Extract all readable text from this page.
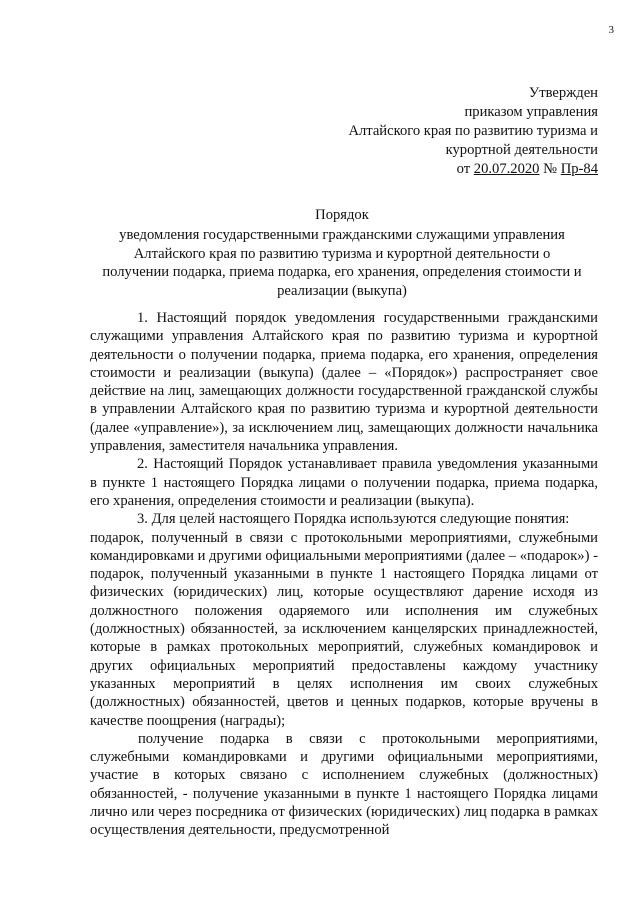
3
Утвержден
приказом управления
Алтайского края по развитию туризма и
курортной деятельности
от 20.07.2020 № Пр-84
Порядок
уведомления государственными гражданскими служащими управления
Алтайского края по развитию туризма и курортной деятельности о
получении подарка, приема подарка, его хранения, определения стоимости и
реализации (выкупа)

1. Настоящий порядок уведомления государственными гражданскими служащими управления Алтайского края по развитию туризма и курортной деятельности о получении подарка, приема подарка, его хранения, определения стоимости и реализации (выкупа) (далее – «Порядок») распространяет свое действие на лиц, замещающих должности государственной гражданской службы в управлении Алтайского края по развитию туризма и курортной деятельности (далее «управление»), за исключением лиц, замещающих должности начальника управления, заместителя начальника управления.

2. Настоящий Порядок устанавливает правила уведомления указанными в пункте 1 настоящего Порядка лицами о получении подарка, приема подарка, его хранения, определения стоимости и реализации (выкупа).

3. Для целей настоящего Порядка используются следующие понятия:

подарок, полученный в связи с протокольными мероприятиями, служебными командировками и другими официальными мероприятиями (далее – «подарок») - подарок, полученный указанными в пункте 1 настоящего Порядка лицами от физических (юридических) лиц, которые осуществляют дарение исходя из должностного положения одаряемого или исполнения им служебных (должностных) обязанностей, за исключением канцелярских принадлежностей, которые в рамках протокольных мероприятий, служебных командировок и других официальных мероприятий предоставлены каждому участнику указанных мероприятий в целях исполнения им своих служебных (должностных) обязанностей, цветов и ценных подарков, которые вручены в качестве поощрения (награды);

получение подарка в связи с протокольными мероприятиями, служебными командировками и другими официальными мероприятиями, участие в которых связано с исполнением служебных (должностных) обязанностей, - получение указанными в пункте 1 настоящего Порядка лицами лично или через посредника от физических (юридических) лиц подарка в рамках осуществления деятельности, предусмотренной
